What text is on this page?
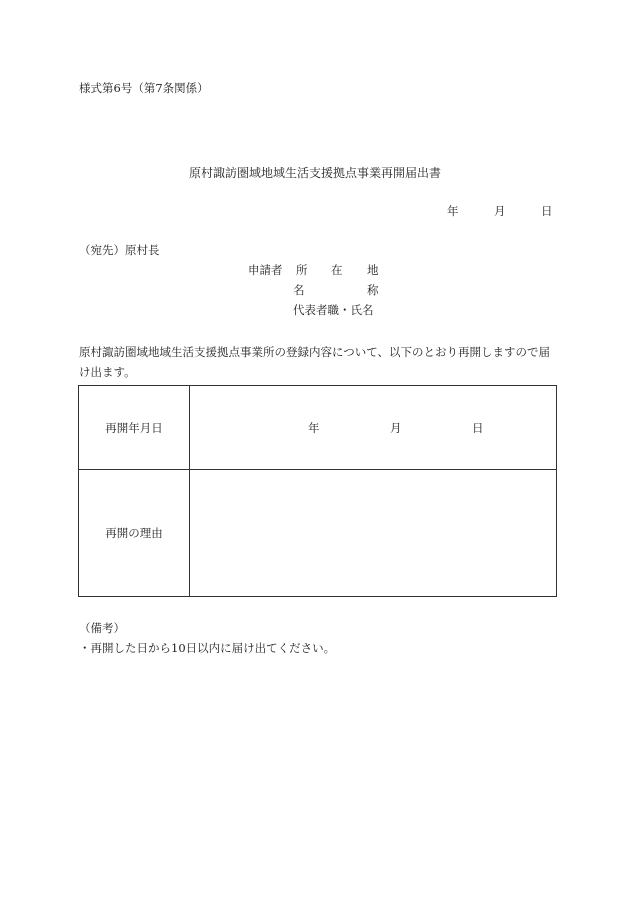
様式第6号（第7条関係）
原村諏訪圏域地域生活支援拠点事業再開届出書
年	月	日
（宛先）原村長
申請者 所 在 地
名	称
代表者職・氏名
原村諏訪圏域地域生活支援拠点事業所の登録内容について、以下のとおり再開しますので届け出ます。
再開年月日	年 月 日

再開の理由	
（備考）
・再開した日から10日以内に届け出てください。
